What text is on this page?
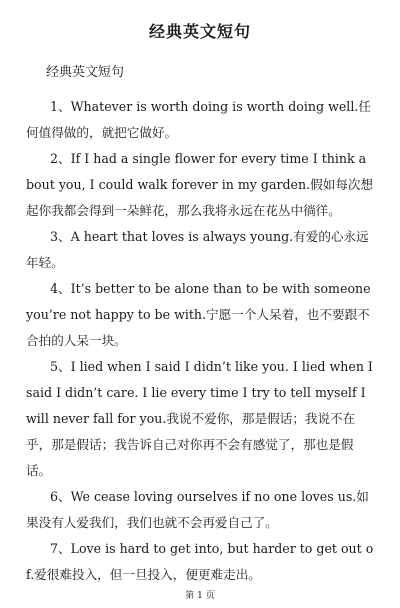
经典英文短句
经典英文短句

1、Whatever is worth doing is worth doing well.任何值得做的，就把它做好。

2、If I had a single flower for every time I think about you, I could walk forever in my garden.假如每次想起你我都会得到一朵鲜花，那么我将永远在花丛中徜徉。

3、A heart that loves is always young.有爱的心永远年轻。

4、It’s better to be alone than to be with someone you’re not happy to be with.宁愿一个人呆着，也不要跟不合拍的人呆一块。

5、I lied when I said I didn’t like you. I lied when I said I didn’t care. I lie every time I try to tell myself I will never fall for you.我说不爱你，那是假话；我说不在乎，那是假话；我告诉自己对你再不会有感觉了，那也是假话。

6、We cease loving ourselves if no one loves us.如果没有人爱我们，我们也就不会再爱自己了。

7、Love is hard to get into, but harder to get out of.爱很难投入，但一旦投入，便更难走出。

第 1 页
